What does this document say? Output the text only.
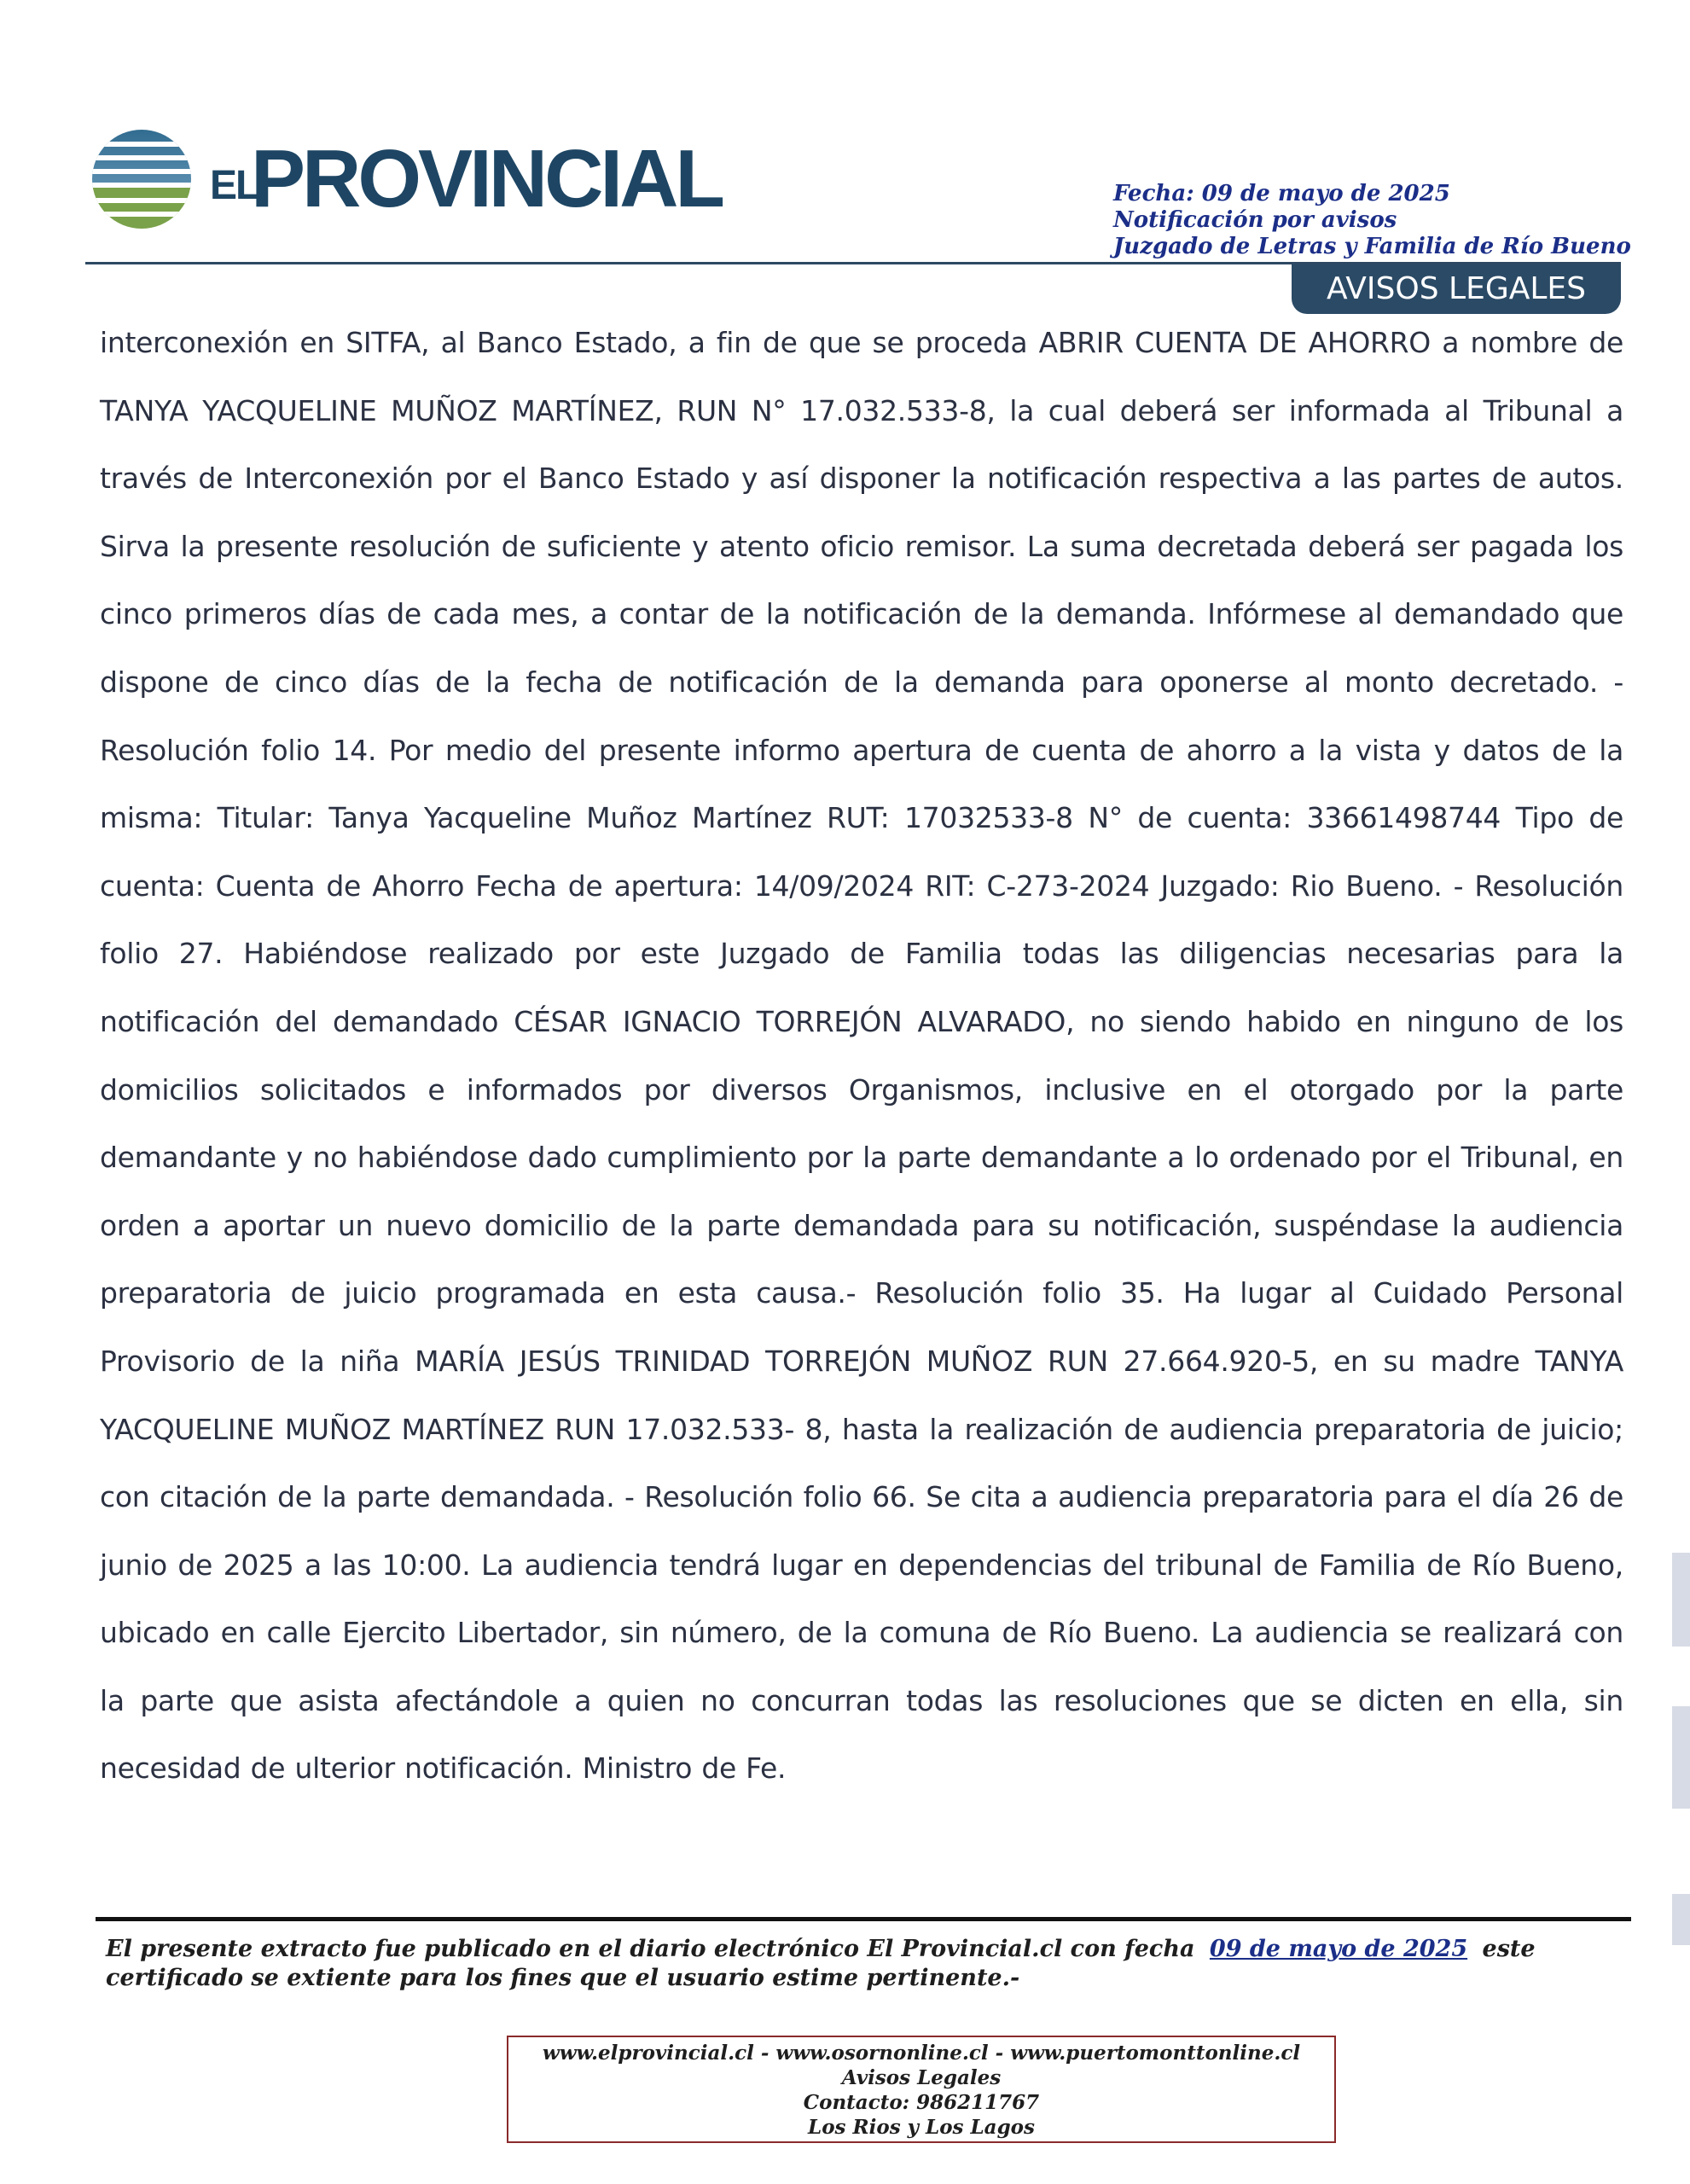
EL
PROVINCIAL	Fecha: 09 de mayo de 2025
Notificación por avisos
Juzgado de Letras y Familia de Río Bueno
AVISOS LEGALES

interconexión en SITFA, al Banco Estado, a fin de que se proceda ABRIR CUENTA DE AHORRO a nombre de TANYA YACQUELINE MUÑOZ MARTÍNEZ, RUN N° 17.032.533-8, la cual deberá ser informada al Tribunal a través de Interconexión por el Banco Estado y así disponer la notificación respectiva a las partes de autos. Sirva la presente resolución de suficiente y atento oficio remisor. La suma decretada deberá ser pagada los cinco primeros días de cada mes, a contar de la notificación de la demanda. Infórmese al demandado que dispone de cinco días de la fecha de notificación de la demanda para oponerse al monto decretado. - Resolución folio 14. Por medio del presente informo apertura de cuenta de ahorro a la vista y datos de la misma: Titular: Tanya Yacqueline Muñoz Martínez RUT: 17032533-8 N° de cuenta: 33661498744 Tipo de cuenta: Cuenta de Ahorro Fecha de apertura: 14/09/2024 RIT: C-273-2024 Juzgado: Rio Bueno. - Resolución folio 27. Habiéndose realizado por este Juzgado de Familia todas las diligencias necesarias para la notificación del demandado CÉSAR IGNACIO TORREJÓN ALVARADO, no siendo habido en ninguno de los domicilios solicitados e informados por diversos Organismos, inclusive en el otorgado por la parte demandante y no habiéndose dado cumplimiento por la parte demandante a lo ordenado por el Tribunal, en orden a aportar un nuevo domicilio de la parte demandada para su notificación, suspéndase la audiencia preparatoria de juicio programada en esta causa.- Resolución folio 35. Ha lugar al Cuidado Personal Provisorio de la niña MARÍA JESÚS TRINIDAD TORREJÓN MUÑOZ RUN 27.664.920-5, en su madre TANYA YACQUELINE MUÑOZ MARTÍNEZ RUN 17.032.533- 8, hasta la realización de audiencia preparatoria de juicio; con citación de la parte demandada. - Resolución folio 66. Se cita a audiencia preparatoria para el día 26 de junio de 2025 a las 10:00. La audiencia tendrá lugar en dependencias del tribunal de Familia de Río Bueno, ubicado en calle Ejercito Libertador, sin número, de la comuna de Río Bueno. La audiencia se realizará con la parte que asista afectándole a quien no concurran todas las resoluciones que se dicten en ella, sin necesidad de ulterior notificación. Ministro de Fe.

El presente extracto fue publicado en el diario electrónico El Provincial.cl con fecha 09 de mayo de 2025 este certificado se extiente para los fines que el usuario estime pertinente.-
www.elprovincial.cl - www.osornonline.cl - www.puertomonttonline.cl
Avisos Legales
Contacto: 986211767
Los Rios y Los Lagos
